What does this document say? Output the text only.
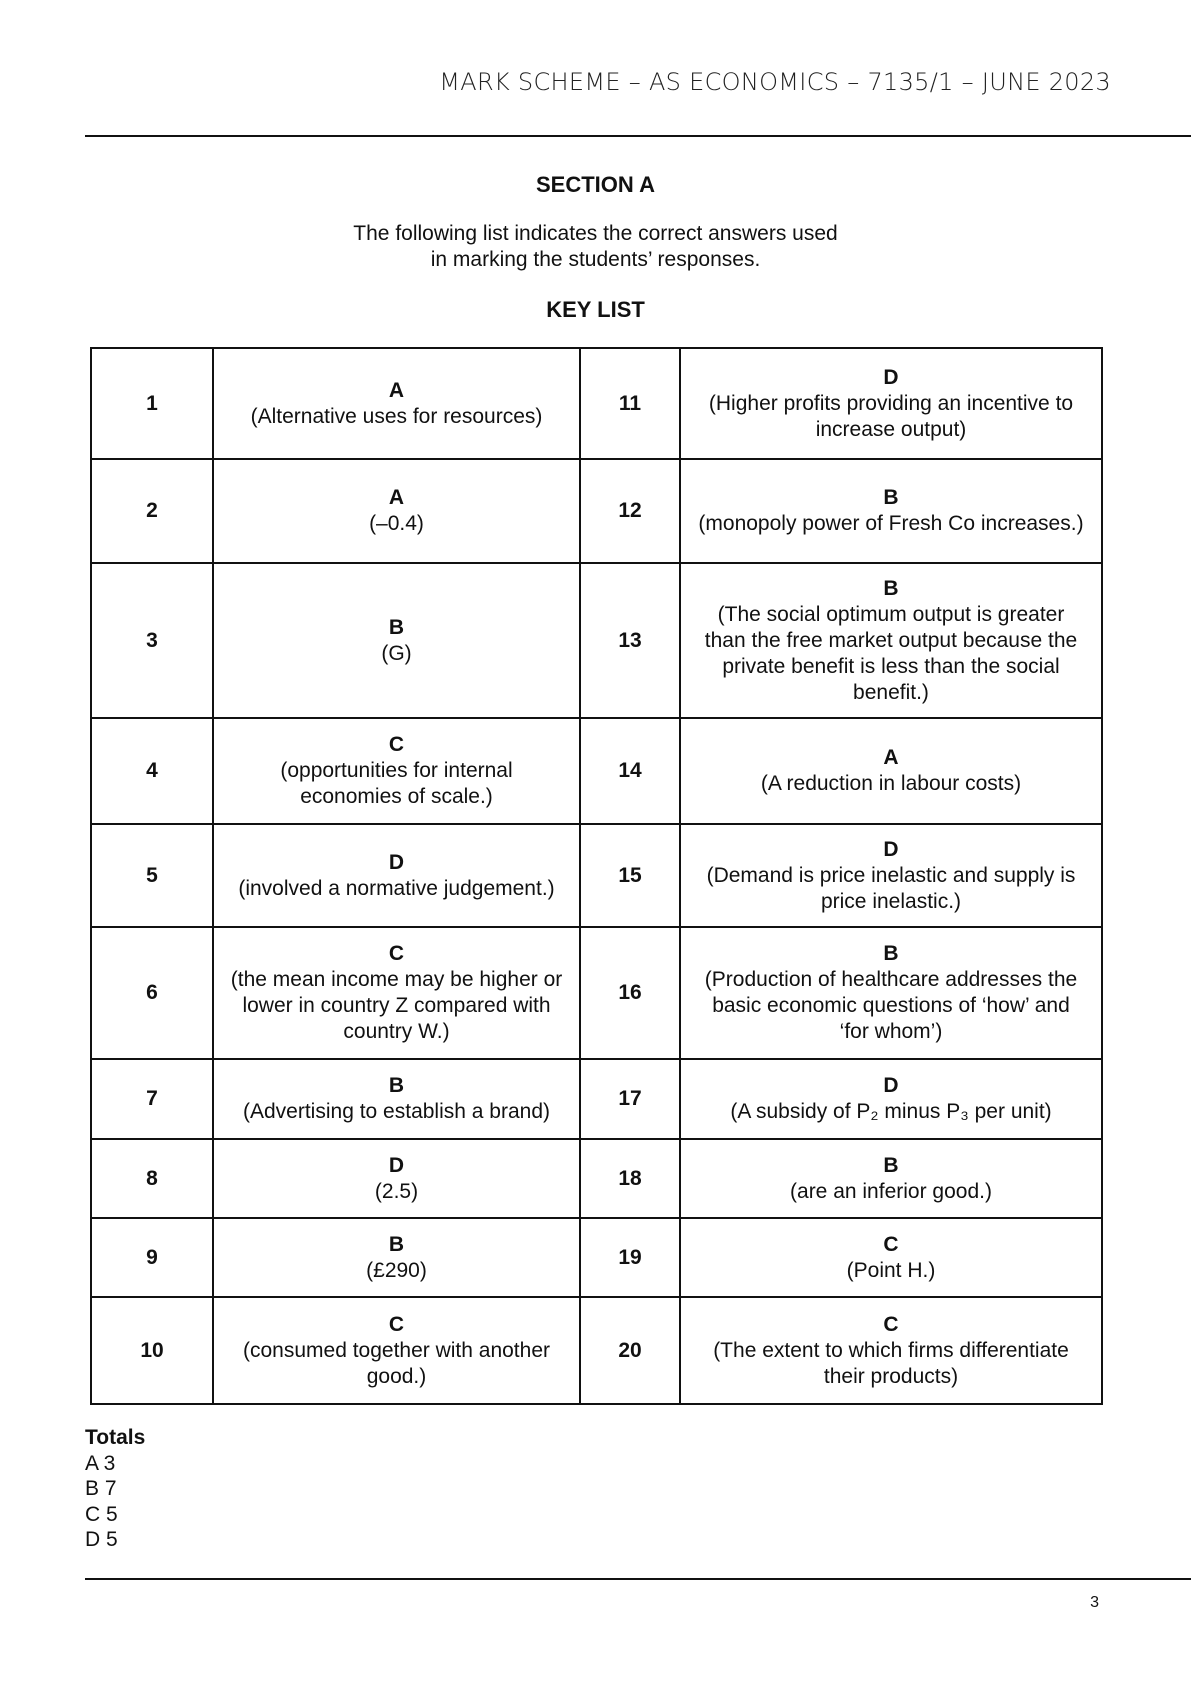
MARK SCHEME – AS ECONOMICS – 7135/1 – JUNE 2023
SECTION A
The following list indicates the correct answers used
in marking the students’ responses.
KEY LIST
1	A
(Alternative uses for resources)	11	D
(Higher profits providing an incentive to increase output)

2	A
(–0.4)	12	B
(monopoly power of Fresh Co increases.)

3	B
(G)	13	B
(The social optimum output is greater than the free market output because the private benefit is less than the social benefit.)

4	C
(opportunities for internal economies of scale.)	14	A
(A reduction in labour costs)

5	D
(involved a normative judgement.)	15	D
(Demand is price inelastic and supply is price inelastic.)

6	C
(the mean income may be higher or lower in country Z compared with country W.)	16	B
(Production of healthcare addresses the basic economic questions of ‘how’ and ‘for whom’)

7	B
(Advertising to establish a brand)	17	D
(A subsidy of P₂ minus P₃ per unit)

8	D
(2.5)	18	B
(are an inferior good.)

9	B
(£290)	19	C
(Point H.)

10	C
(consumed together with another good.)	20	C
(The extent to which firms differentiate their products)
Totals
A 3
B 7
C 5
D 5
3
